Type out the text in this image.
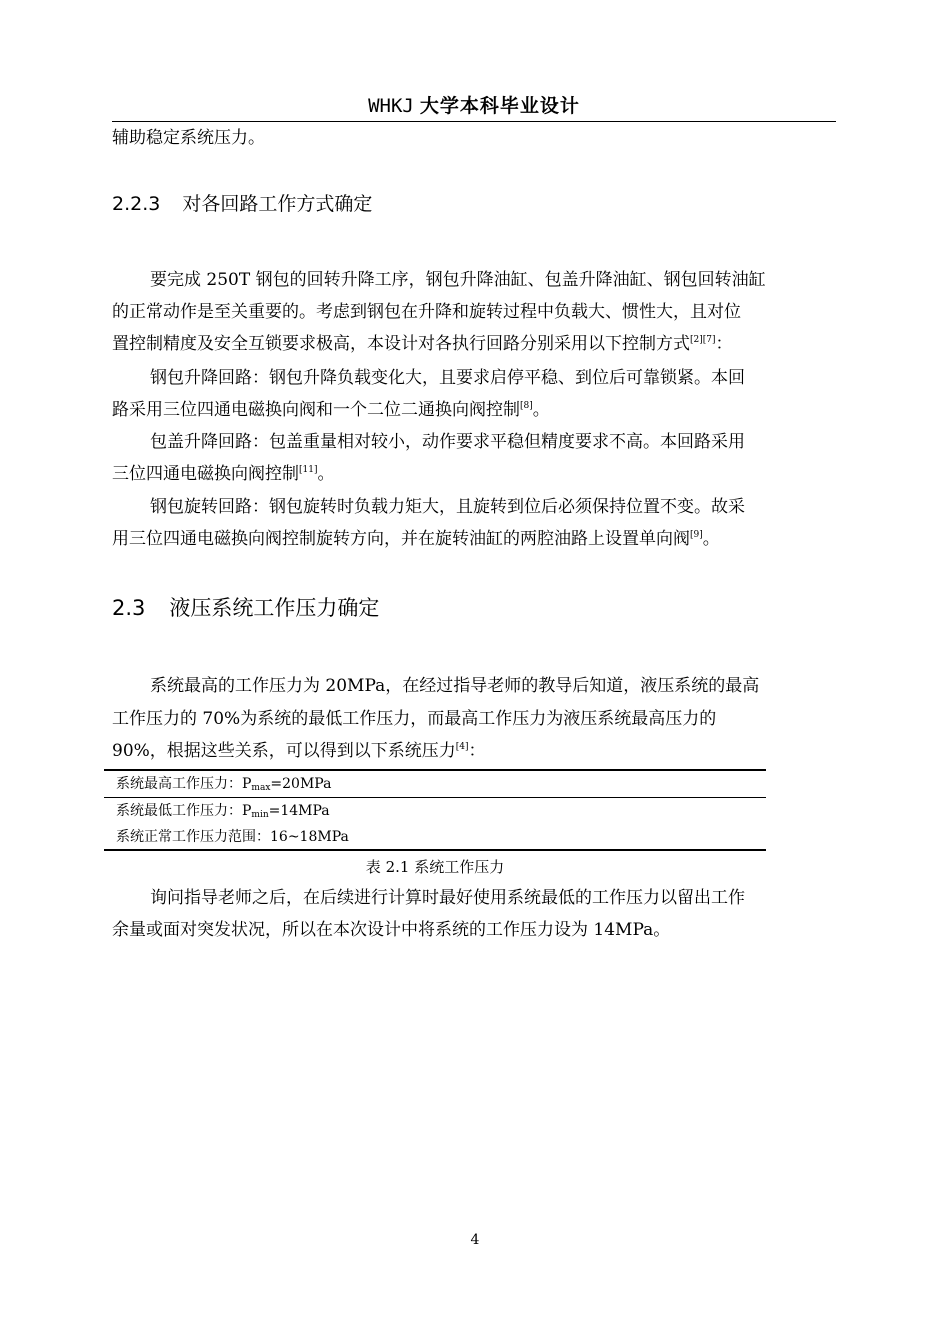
WHKJ 大学本科毕业设计
辅助稳定系统压力。
2.2.3 对各回路工作方式确定
要完成 250T 钢包的回转升降工序，钢包升降油缸、包盖升降油缸、钢包回转油缸
的正常动作是至关重要的。考虑到钢包在升降和旋转过程中负载大、惯性大，且对位
置控制精度及安全互锁要求极高，本设计对各执行回路分别采用以下控制方式[2][7]：
钢包升降回路：钢包升降负载变化大，且要求启停平稳、到位后可靠锁紧。本回
路采用三位四通电磁换向阀和一个二位二通换向阀控制[8]。
包盖升降回路：包盖重量相对较小，动作要求平稳但精度要求不高。本回路采用
三位四通电磁换向阀控制[11]。
钢包旋转回路：钢包旋转时负载力矩大，且旋转到位后必须保持位置不变。故采
用三位四通电磁换向阀控制旋转方向，并在旋转油缸的两腔油路上设置单向阀[9]。
2.3 液压系统工作压力确定
系统最高的工作压力为 20MPa，在经过指导老师的教导后知道，液压系统的最高
工作压力的 70%为系统的最低工作压力，而最高工作压力为液压系统最高压力的
90%，根据这些关系，可以得到以下系统压力[4]：
系统最高工作压力：$P_{max}=20MPa$
系统最低工作压力：$P_{min}=14MPa$
系统正常工作压力范围：16~18MPa
表 2.1 系统工作压力
询问指导老师之后，在后续进行计算时最好使用系统最低的工作压力以留出工作
余量或面对突发状况，所以在本次设计中将系统的工作压力设为 14MPa。
4
